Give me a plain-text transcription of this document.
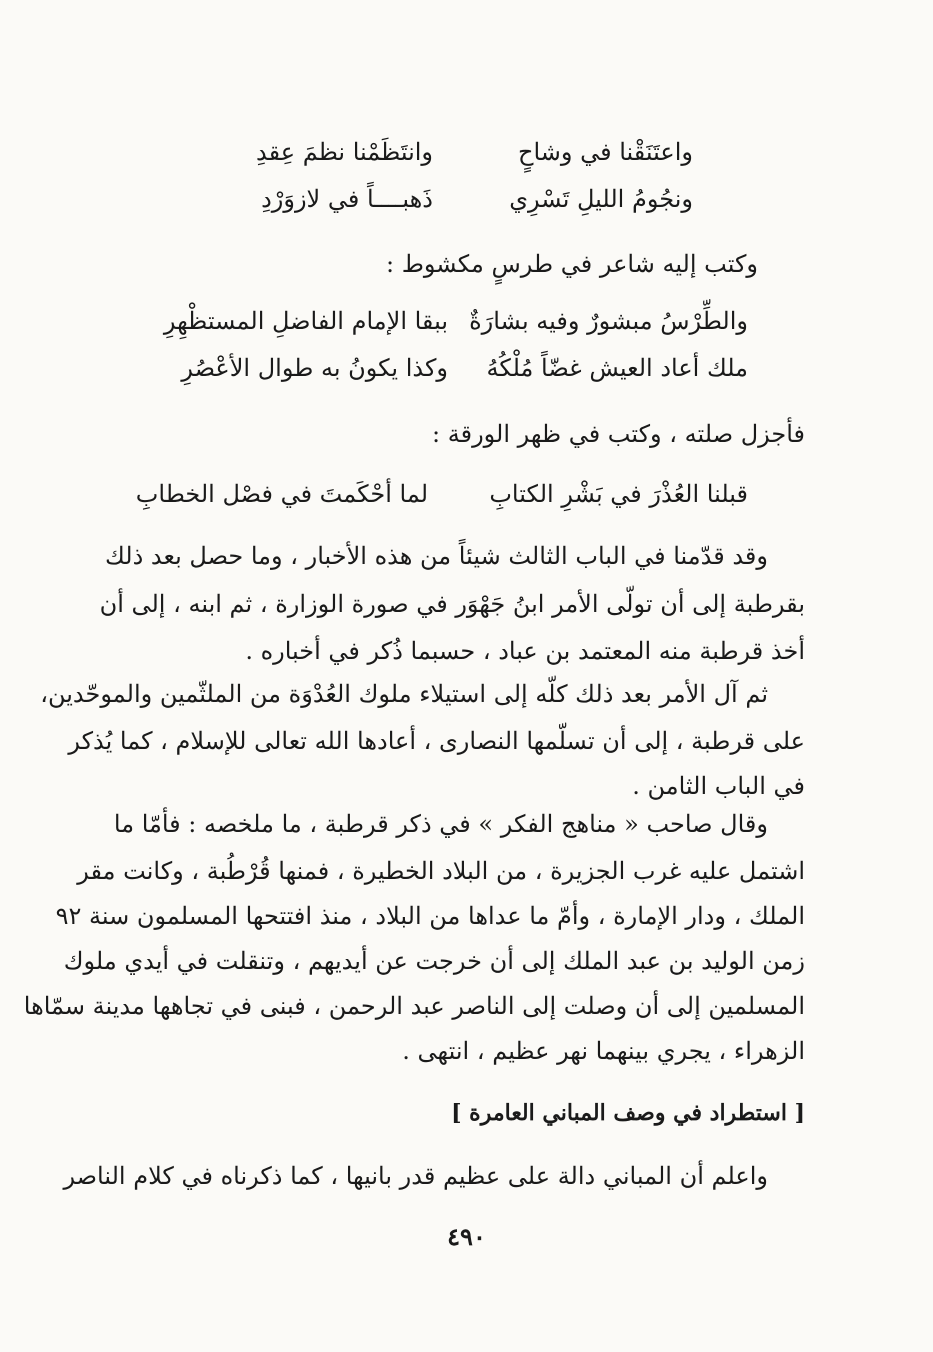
واعتَنَقْنا في وشاحٍ
وانتَظَمْنا نظمَ عِقدِ
ونجُومُ الليلِ تَسْرِي
ذَهبــــاً في لازوَرْدِ
وكتب إليه شاعر في طرسٍ مكشوط :
والطِّرْسُ مبشورٌ وفيه بشارَةٌ
ببقا الإمام الفاضلِ المستظْهِرِ
ملك أعاد العيش غضّاً مُلْكُهُ
وكذا يكونُ به طوال الأعْصُرِ
فأجزل صلته ، وكتب في ظهر الورقة :
قبلنا العُذْرَ في بَشْرِ الكتابِ
لما أحْكَمتَ في فصْل الخطابِ
وقد قدّمنا في الباب الثالث شيئاً من هذه الأخبار ، وما حصل بعد ذلك
بقرطبة إلى أن تولّى الأمر ابنُ جَهْوَر في صورة الوزارة ، ثم ابنه ، إلى أن
أخذ قرطبة منه المعتمد بن عباد ، حسبما ذُكر في أخباره .
ثم آل الأمر بعد ذلك كلّه إلى استيلاء ملوك العُدْوَة من الملثّمين والموحّدين،
على قرطبة ، إلى أن تسلّمها النصارى ، أعادها الله تعالى للإسلام ، كما يُذكر
في الباب الثامن .
وقال صاحب « مناهج الفكر » في ذكر قرطبة ، ما ملخصه : فأمّا ما
اشتمل عليه غرب الجزيرة ، من البلاد الخطيرة ، فمنها قُرْطُبة ، وكانت مقر
الملك ، ودار الإمارة ، وأمّ ما عداها من البلاد ، منذ افتتحها المسلمون سنة ٩٢
زمن الوليد بن عبد الملك إلى أن خرجت عن أيديهم ، وتنقلت في أيدي ملوك
المسلمين إلى أن وصلت إلى الناصر عبد الرحمن ، فبنى في تجاهها مدينة سمّاها
الزهراء ، يجري بينهما نهر عظيم ، انتهى .
[ استطراد في وصف المباني العامرة ]
واعلم أن المباني دالة على عظيم قدر بانيها ، كما ذكرناه في كلام الناصر
٤٩٠
